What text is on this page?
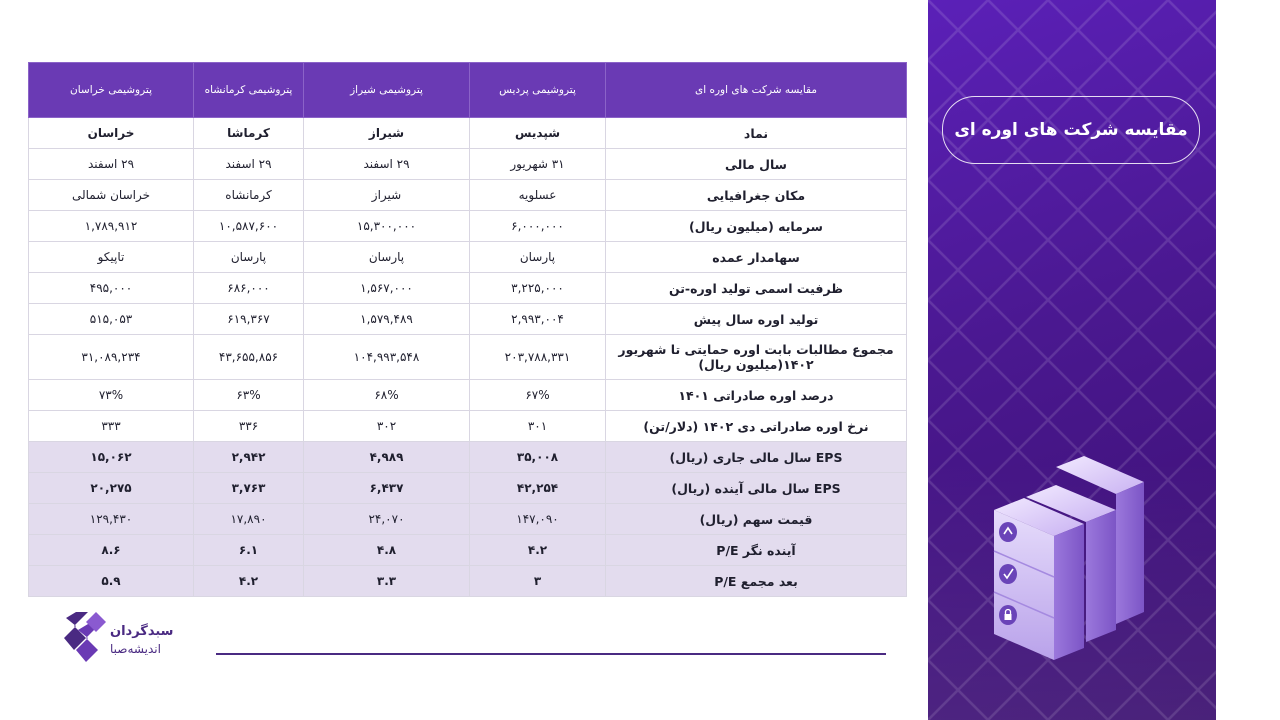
مقایسه شرکت های اوره ای	پتروشیمی پردیس	پتروشیمی شیراز	پتروشیمی کرمانشاه	پتروشیمی خراسان
نماد	شپدیس	شیراز	کرماشا	خراسان
سال مالی	۳۱ شهریور	۲۹ اسفند	۲۹ اسفند	۲۹ اسفند
مکان جغرافیایی	عسلویه	شیراز	کرمانشاه	خراسان شمالی
سرمایه (میلیون ریال)	۶,۰۰۰,۰۰۰	۱۵,۳۰۰,۰۰۰	۱۰,۵۸۷,۶۰۰	۱,۷۸۹,۹۱۲
سهامدار عمده	پارسان	پارسان	پارسان	تاپیکو
ظرفیت اسمی تولید اوره-تن	۳,۲۲۵,۰۰۰	۱,۵۶۷,۰۰۰	۶۸۶,۰۰۰	۴۹۵,۰۰۰
تولید اوره سال پیش	۲,۹۹۳,۰۰۴	۱,۵۷۹,۴۸۹	۶۱۹,۳۶۷	۵۱۵,۰۵۳
مجموع مطالبات بابت اوره حمایتی تا شهریور ۱۴۰۲(میلیون ریال)	۲۰۳,۷۸۸,۳۳۱	۱۰۴,۹۹۳,۵۴۸	۴۳,۶۵۵,۸۵۶	۳۱,۰۸۹,۲۳۴
درصد اوره صادراتی ۱۴۰۱	۶۷%	۶۸%	۶۳%	۷۳%
نرخ اوره صادراتی دی ۱۴۰۲ (دلار/تن)	۳۰۱	۳۰۲	۳۳۶	۳۳۳
EPS سال مالی جاری (ریال)	۳۵,۰۰۸	۴,۹۸۹	۲,۹۴۲	۱۵,۰۶۲
EPS سال مالی آینده (ریال)	۴۲,۲۵۴	۶,۴۳۷	۳,۷۶۳	۲۰,۲۷۵
قیمت سهم (ریال)	۱۴۷,۰۹۰	۲۴,۰۷۰	۱۷,۸۹۰	۱۲۹,۴۳۰
آینده نگر P/E	۴.۲	۴.۸	۶.۱	۸.۶
بعد مجمع P/E	۳	۳.۳	۴.۲	۵.۹
مقایسه شرکت های اوره ای
سبدگردان
اندیشه‌صبا
